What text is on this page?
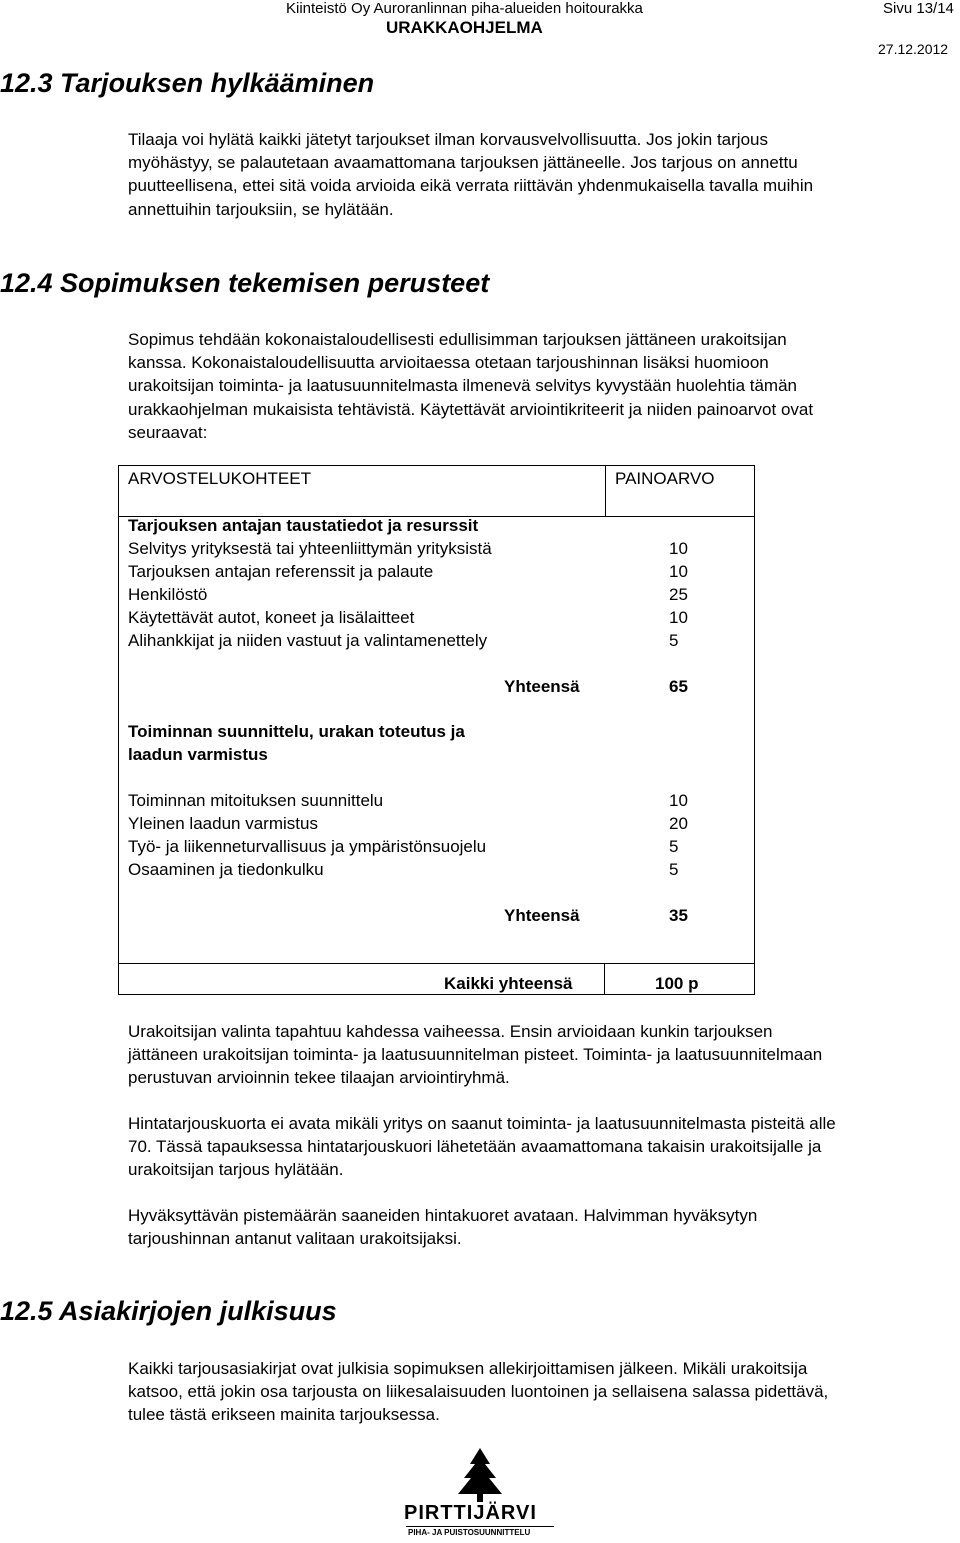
Kiinteistö Oy Auroranlinnan piha-alueiden hoitourakka	Sivu 13/14
URAKKAOHJELMA
27.12.2012
12.3 Tarjouksen hylkääminen
Tilaaja voi hylätä kaikki jätetyt tarjoukset ilman korvausvelvollisuutta. Jos jokin tarjous
myöhästyy, se palautetaan avaamattomana tarjouksen jättäneelle. Jos tarjous on annettu
puutteellisena, ettei sitä voida arvioida eikä verrata riittävän yhdenmukaisella tavalla muihin
annettuihin tarjouksiin, se hylätään.
12.4 Sopimuksen tekemisen perusteet
Sopimus tehdään kokonaistaloudellisesti edullisimman tarjouksen jättäneen urakoitsijan
kanssa. Kokonaistaloudellisuutta arvioitaessa otetaan tarjoushinnan lisäksi huomioon
urakoitsijan toiminta- ja laatusuunnitelmasta ilmenevä selvitys kyvystään huolehtia tämän
urakkaohjelman mukaisista tehtävistä. Käytettävät arviointikriteerit ja niiden painoarvot ovat
seuraavat:
ARVOSTELUKOHTEET	PAINOARVO
Tarjouksen antajan taustatiedot ja resurssit
Selvitys yrityksestä tai yhteenliittymän yrityksistä	10
Tarjouksen antajan referenssit ja palaute	10
Henkilöstö	25
Käytettävät autot, koneet ja lisälaitteet	10
Alihankkijat ja niiden vastuut ja valintamenettely	5
Yhteensä	65
Toiminnan suunnittelu, urakan toteutus ja
laadun varmistus
Toiminnan mitoituksen suunnittelu	10
Yleinen laadun varmistus	20
Työ- ja liikenneturvallisuus ja ympäristönsuojelu	5
Osaaminen ja tiedonkulku	5
Yhteensä	35
Kaikki yhteensä	100 p
Urakoitsijan valinta tapahtuu kahdessa vaiheessa. Ensin arvioidaan kunkin tarjouksen
jättäneen urakoitsijan toiminta- ja laatusuunnitelman pisteet. Toiminta- ja laatusuunnitelmaan
perustuvan arvioinnin tekee tilaajan arviointiryhmä.
Hintatarjouskuorta ei avata mikäli yritys on saanut toiminta- ja laatusuunnitelmasta pisteitä alle
70. Tässä tapauksessa hintatarjouskuori lähetetään avaamattomana takaisin urakoitsijalle ja
urakoitsijan tarjous hylätään.
Hyväksyttävän pistemäärän saaneiden hintakuoret avataan. Halvimman hyväksytyn
tarjoushinnan antanut valitaan urakoitsijaksi.
12.5 Asiakirjojen julkisuus
Kaikki tarjousasiakirjat ovat julkisia sopimuksen allekirjoittamisen jälkeen. Mikäli urakoitsija
katsoo, että jokin osa tarjousta on liikesalaisuuden luontoinen ja sellaisena salassa pidettävä,
tulee tästä erikseen mainita tarjouksessa.
PIRTTIJÄRVI
PIHA- JA PUISTOSUUNNITTELU
